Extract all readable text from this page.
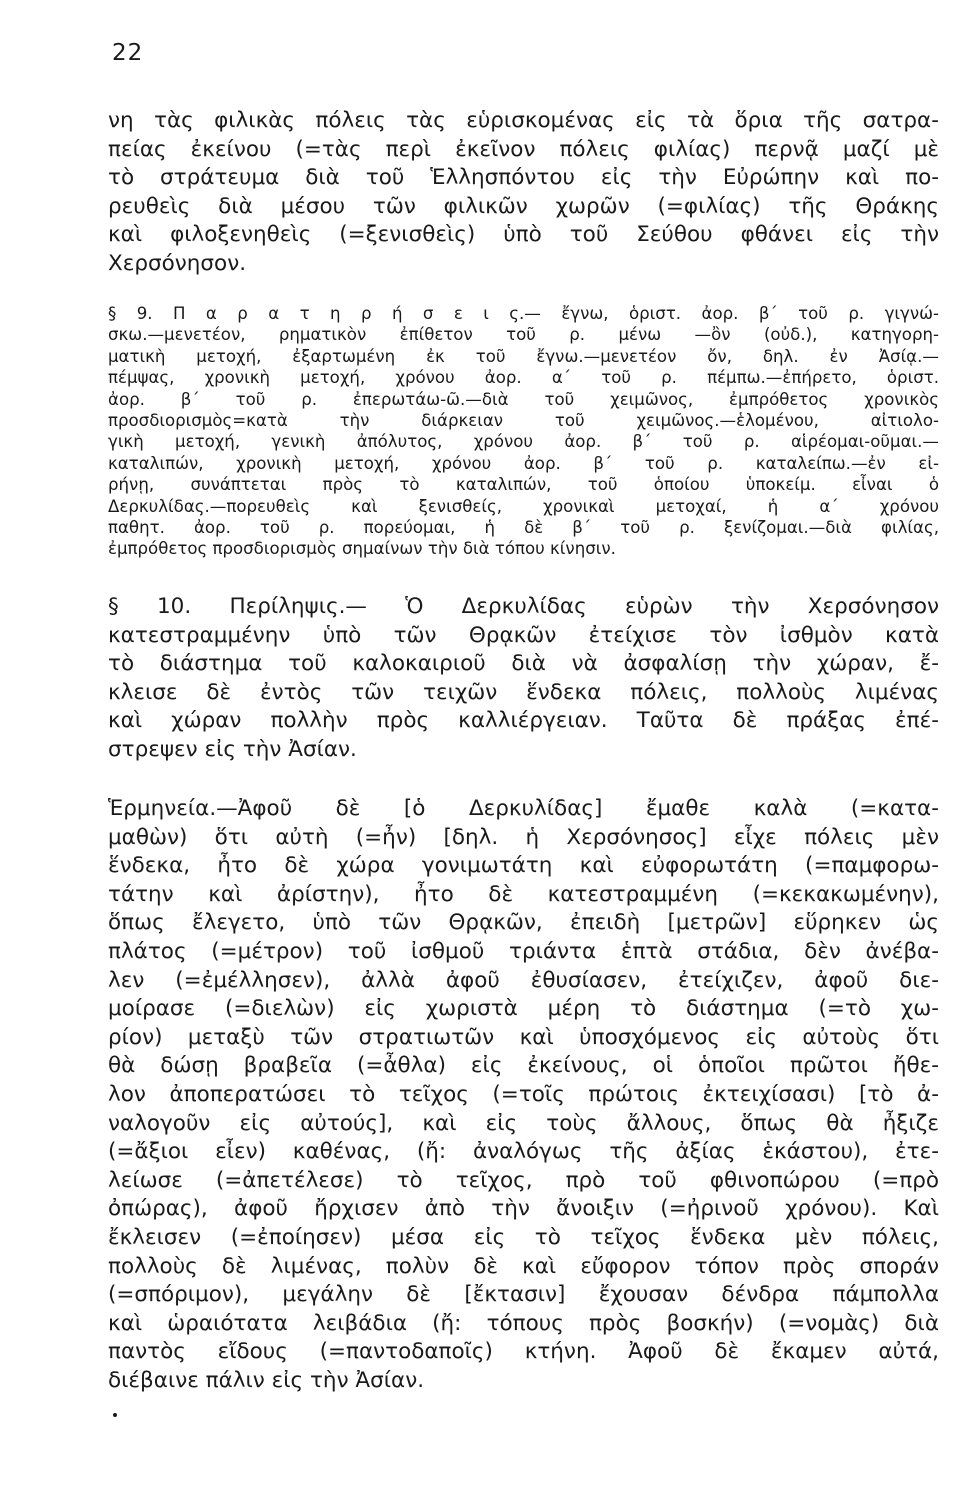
22
νη τὰς φιλικὰς πόλεις τὰς εὑρισκομένας εἰς τὰ ὅρια τῆς σατρα-
πείας ἐκείνου (=τὰς περὶ ἐκεῖνον πόλεις φιλίας) περνᾷ μαζί μὲ
τὸ στράτευμα διὰ τοῦ Ἑλλησπόντου εἰς τὴν Εὐρώπην καὶ πο-
ρευθεὶς διὰ μέσου τῶν φιλικῶν χωρῶν (=φιλίας) τῆς Θράκης
καὶ φιλοξενηθεὶς (=ξενισθεὶς) ὑπὸ τοῦ Σεύθου φθάνει εἰς τὴν
Χερσόνησον.
§ 9. Π α ρ α τ η ρ ή σ ε ι ς.— ἔγνω, ὁριστ. ἀορ. β΄ τοῦ ρ. γιγνώ-
σκω.—μενετέον, ρηματικὸν ἐπίθετον τοῦ ρ. μένω —ὂν (οὐδ.), κατηγορη-
ματικὴ μετοχή, ἐξαρτωμένη ἐκ τοῦ ἔγνω.—μενετέον ὄν, δηλ. ἐν Ἀσίᾳ.—
πέμψας, χρονικὴ μετοχή, χρόνου ἀορ. α΄ τοῦ ρ. πέμπω.—ἐπήρετο, ὁριστ.
ἀορ. β΄ τοῦ ρ. ἐπερωτάω-ῶ.—διὰ τοῦ χειμῶνος, ἐμπρόθετος χρονικὸς
προσδιορισμὸς=κατὰ τὴν διάρκειαν τοῦ χειμῶνος.—ἑλομένου, αἰτιολο-
γικὴ μετοχή, γενικὴ ἀπόλυτος, χρόνου ἀορ. β΄ τοῦ ρ. αἱρέομαι-οῦμαι.—
καταλιπών, χρονικὴ μετοχή, χρόνου ἀορ. β΄ τοῦ ρ. καταλείπω.—ἐν εἰ-
ρήνῃ, συνάπτεται πρὸς τὸ καταλιπών, τοῦ ὁποίου ὑποκείμ. εἶναι ὁ
Δερκυλίδας.—πορευθεὶς καὶ ξενισθείς, χρονικαὶ μετοχαί, ἡ α΄ χρόνου
παθητ. ἀορ. τοῦ ρ. πορεύομαι, ἡ δὲ β΄ τοῦ ρ. ξενίζομαι.—διὰ φιλίας,
ἐμπρόθετος προσδιορισμὸς σημαίνων τὴν διὰ τόπου κίνησιν.
§ 10. Περίληψις.— Ὁ Δερκυλίδας εὑρὼν τὴν Χερσόνησον
κατεστραμμένην ὑπὸ τῶν Θρᾳκῶν ἐτείχισε τὸν ἰσθμὸν κατὰ
τὸ διάστημα τοῦ καλοκαιριοῦ διὰ νὰ ἀσφαλίσῃ τὴν χώραν, ἔ-
κλεισε δὲ ἐντὸς τῶν τειχῶν ἕνδεκα πόλεις, πολλοὺς λιμένας
καὶ χώραν πολλὴν πρὸς καλλιέργειαν. Ταῦτα δὲ πράξας ἐπέ-
στρεψεν εἰς τὴν Ἀσίαν.
Ἑρμηνεία.—Ἀφοῦ δὲ [ὁ Δερκυλίδας] ἔμαθε καλὰ (=κατα-
μαθὼν) ὅτι αὐτὴ (=ἦν) [δηλ. ἡ Χερσόνησος] εἶχε πόλεις μὲν
ἕνδεκα, ἦτο δὲ χώρα γονιμωτάτη καὶ εὐφορωτάτη (=παμφορω-
τάτην καὶ ἀρίστην), ἦτο δὲ κατεστραμμένη (=κεκακωμένην),
ὅπως ἔλεγετο, ὑπὸ τῶν Θρᾳκῶν, ἐπειδὴ [μετρῶν] εὕρηκεν ὡς
πλάτος (=μέτρον) τοῦ ἰσθμοῦ τριάντα ἑπτὰ στάδια, δὲν ἀνέβα-
λεν (=ἐμέλλησεν), ἀλλὰ ἀφοῦ ἐθυσίασεν, ἐτείχιζεν, ἀφοῦ διε-
μοίρασε (=διελὼν) εἰς χωριστὰ μέρη τὸ διάστημα (=τὸ χω-
ρίον) μεταξὺ τῶν στρατιωτῶν καὶ ὑποσχόμενος εἰς αὐτοὺς ὅτι
θὰ δώσῃ βραβεῖα (=ἆθλα) εἰς ἐκείνους, οἱ ὁποῖοι πρῶτοι ἤθε-
λον ἀποπερατώσει τὸ τεῖχος (=τοῖς πρώτοις ἐκτειχίσασι) [τὸ ἀ-
ναλογοῦν εἰς αὐτούς], καὶ εἰς τοὺς ἄλλους, ὅπως θὰ ἦξιζε
(=ἄξιοι εἶεν) καθένας, (ἤ: ἀναλόγως τῆς ἀξίας ἑκάστου), ἐτε-
λείωσε (=ἀπετέλεσε) τὸ τεῖχος, πρὸ τοῦ φθινοπώρου (=πρὸ
ὀπώρας), ἀφοῦ ἤρχισεν ἀπὸ τὴν ἄνοιξιν (=ἠρινοῦ χρόνου). Καὶ
ἔκλεισεν (=ἐποίησεν) μέσα εἰς τὸ τεῖχος ἕνδεκα μὲν πόλεις,
πολλοὺς δὲ λιμένας, πολὺν δὲ καὶ εὔφορον τόπον πρὸς σποράν
(=σπόριμον), μεγάλην δὲ [ἔκτασιν] ἔχουσαν δένδρα πάμπολλα
καὶ ὡραιότατα λειβάδια (ἤ: τόπους πρὸς βοσκήν) (=νομὰς) διὰ
παντὸς εἴδους (=παντοδαποῖς) κτήνη. Ἀφοῦ δὲ ἔκαμεν αὐτά,
διέβαινε πάλιν εἰς τὴν Ἀσίαν.
